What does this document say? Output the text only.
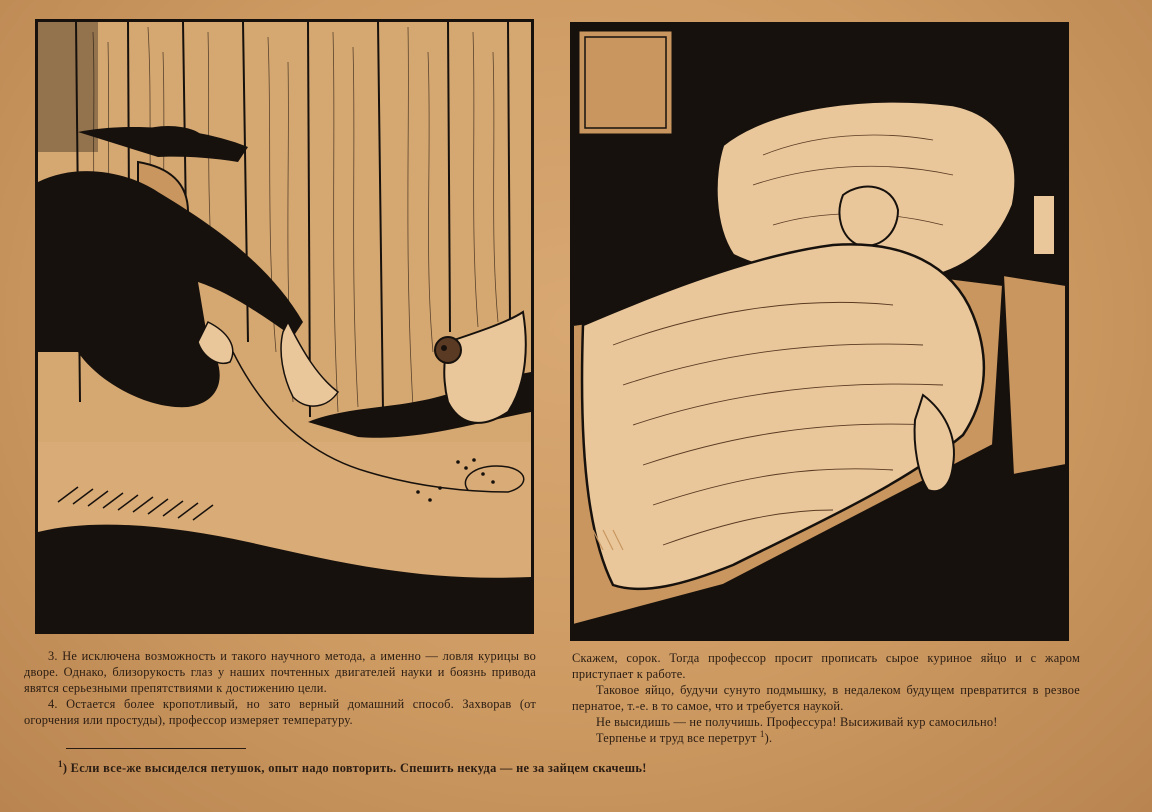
3. Не исключена возможность и такого научного метода, а именно — ловля курицы во дворе. Однако, близорукость глаз у наших почтенных двигателей науки и боязнь привода явятся серьезными препятствиями к достижению цели.

4. Остается более кропотливый, но зато верный домашний способ. Захворав (от огорчения или простуды), профессор измеряет температуру.

Скажем, сорок. Тогда профессор просит прописать сырое куриное яйцо и с жаром приступает к работе.

Таковое яйцо, будучи сунуто подмышку, в недалеком будущем превратится в резвое пернатое, т.-е. в то самое, что и требуется наукой.

Не высидишь — не получишь. Профессура! Высиживай кур самосильно!

Терпенье и труд все перетрут $^1$).

$^1$) Если все-же высиделся петушок, опыт надо повторить. Спешить некуда — не за зайцем скачешь!
